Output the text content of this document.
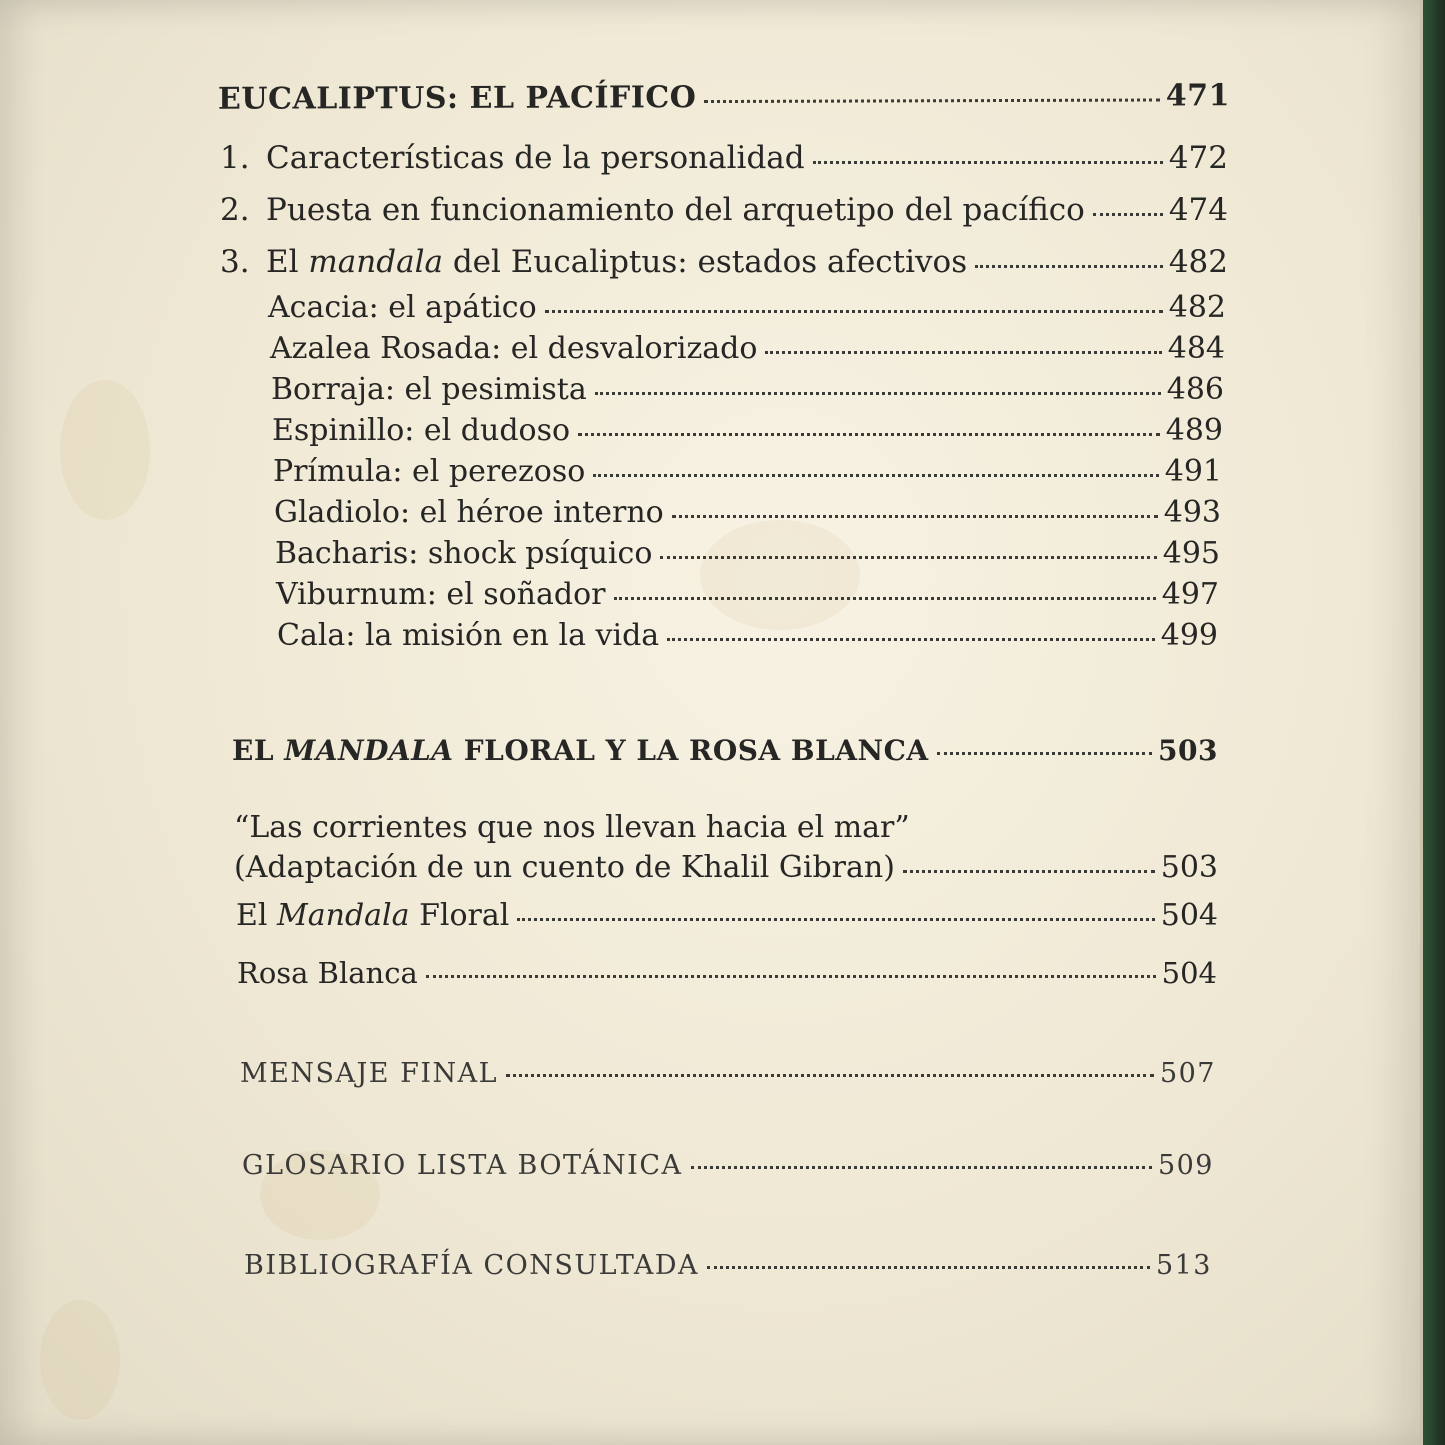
EUCALIPTUS: EL PACÍFICO	471
1. Características de la personalidad	472
2. Puesta en funcionamiento del arquetipo del pacífico	474
3. El mandala del Eucaliptus: estados afectivos	482
Acacia: el apático	482
Azalea Rosada: el desvalorizado	484
Borraja: el pesimista	486
Espinillo: el dudoso	489
Prímula: el perezoso	491
Gladiolo: el héroe interno	493
Bacharis: shock psíquico	495
Viburnum: el soñador	497
Cala: la misión en la vida	499
EL MANDALA FLORAL Y LA ROSA BLANCA	503
“Las corrientes que nos llevan hacia el mar”
(Adaptación de un cuento de Khalil Gibran)	503
El Mandala Floral	504
Rosa Blanca	504
MENSAJE FINAL	507
GLOSARIO LISTA BOTÁNICA	509
BIBLIOGRAFÍA CONSULTADA	513
